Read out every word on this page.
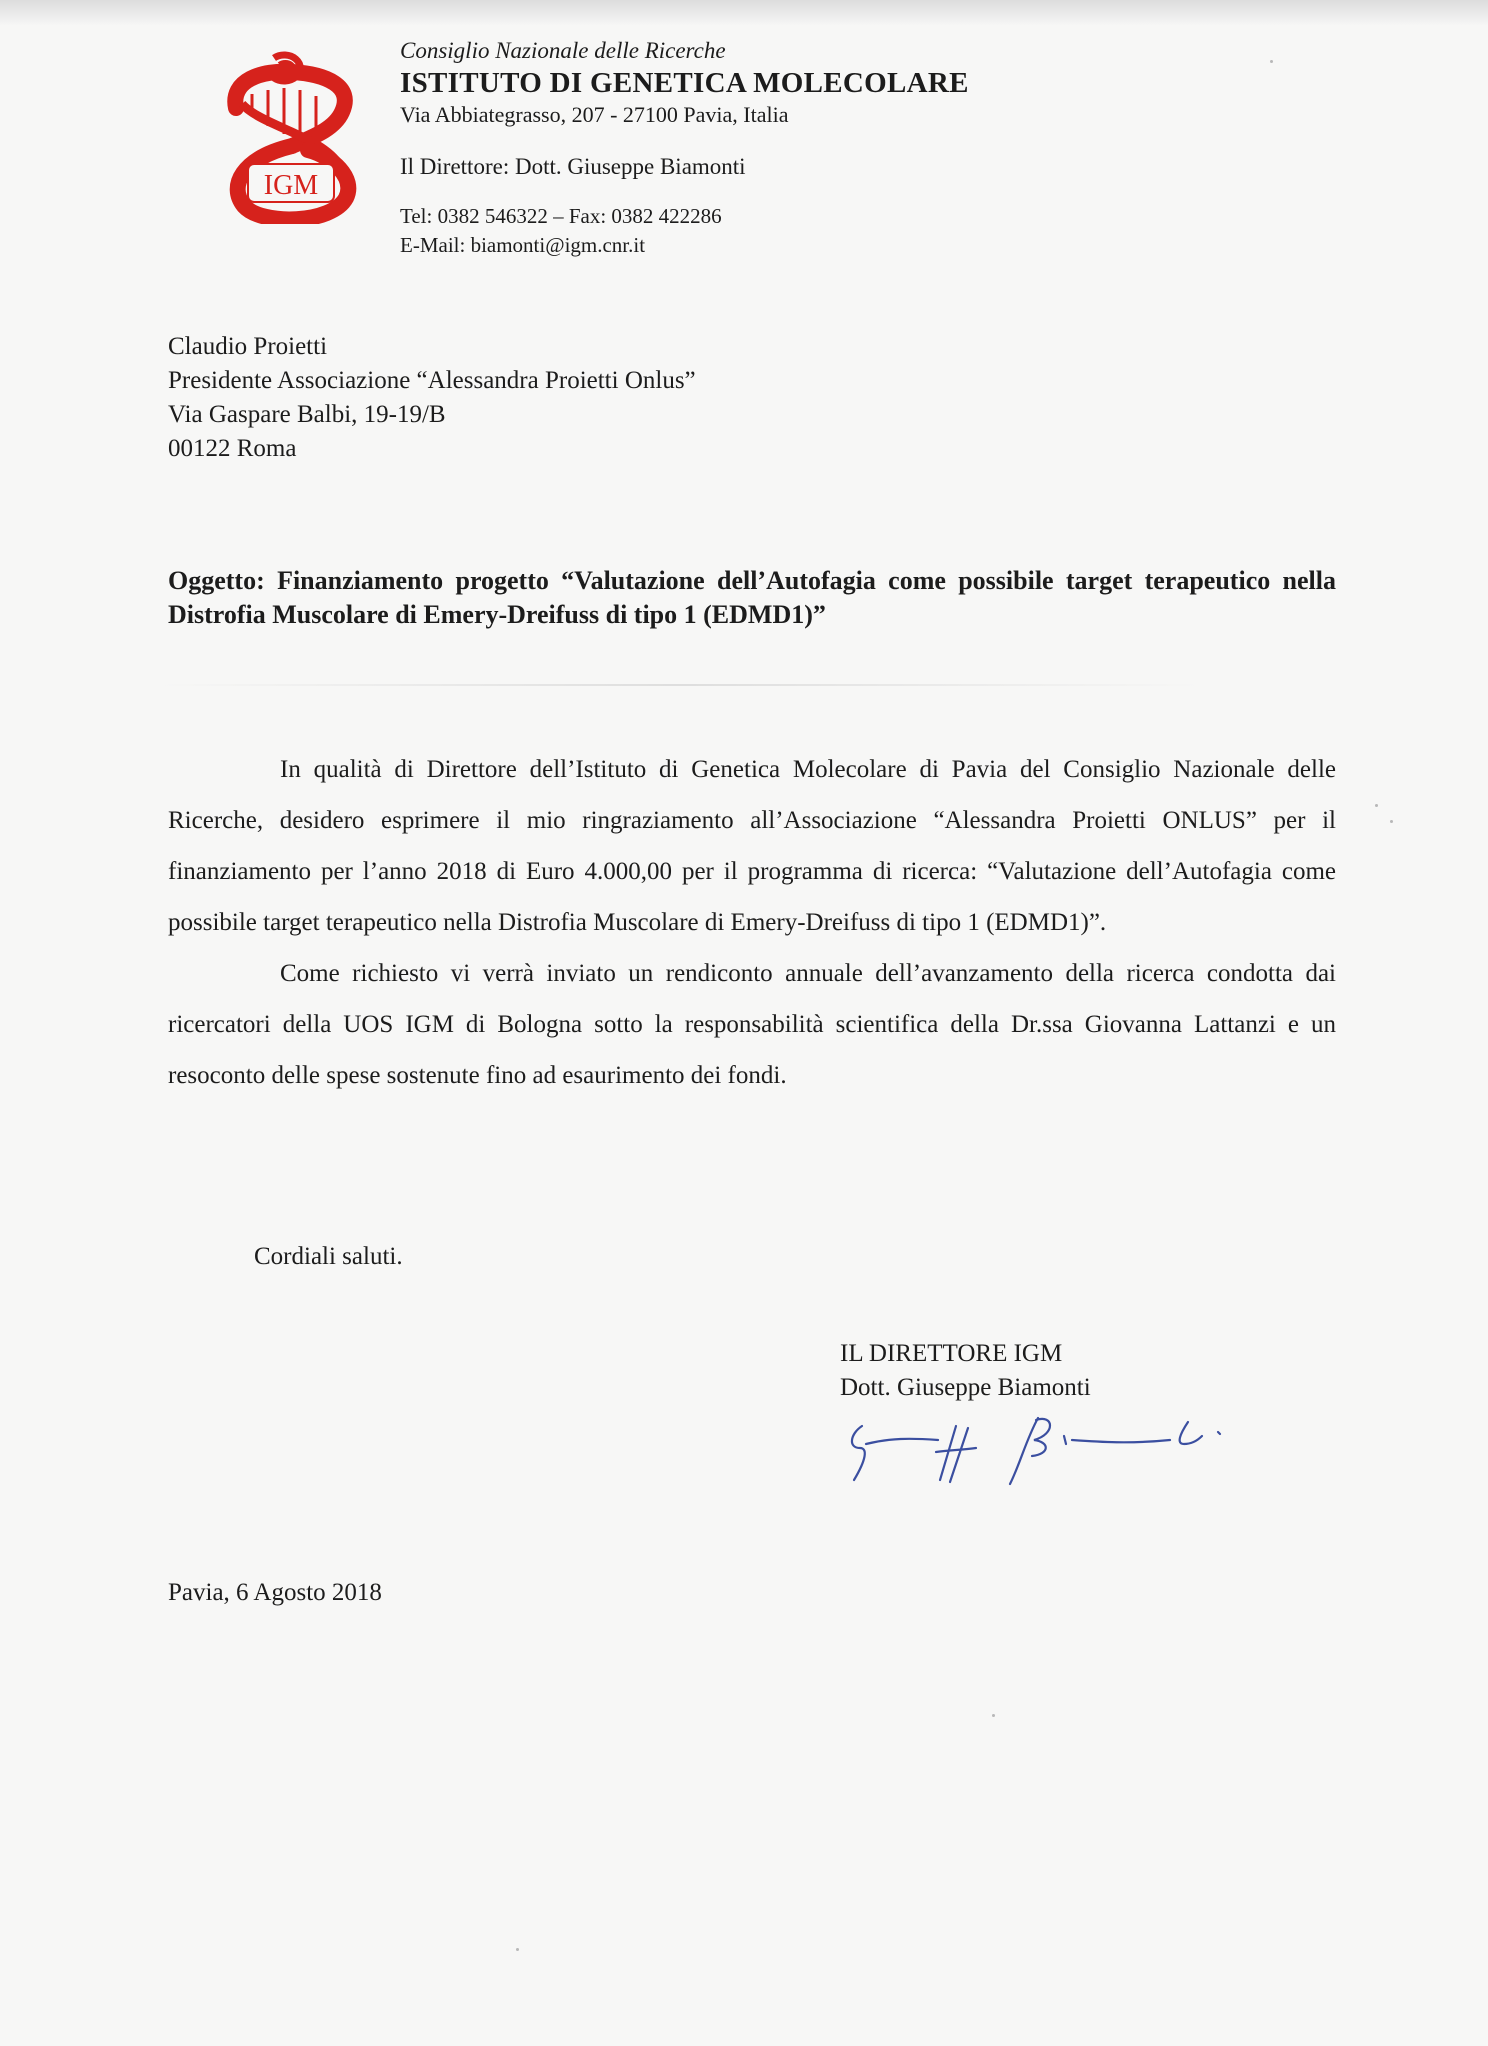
IGM
Consiglio Nazionale delle Ricerche
ISTITUTO DI GENETICA MOLECOLARE
Via Abbiategrasso, 207 - 27100 Pavia, Italia
Il Direttore: Dott. Giuseppe Biamonti
Tel: 0382 546322 – Fax: 0382 422286
E-Mail: biamonti@igm.cnr.it
Claudio Proietti
Presidente Associazione “Alessandra Proietti Onlus”
Via Gaspare Balbi, 19-19/B
00122 Roma
Oggetto: Finanziamento progetto “Valutazione dell’Autofagia come possibile target terapeutico nella Distrofia Muscolare di Emery-Dreifuss di tipo 1 (EDMD1)”

In qualità di Direttore dell’Istituto di Genetica Molecolare di Pavia del Consiglio Nazionale delle Ricerche, desidero esprimere il mio ringraziamento all’Associazione “Alessandra Proietti ONLUS” per il finanziamento per l’anno 2018 di Euro 4.000,00 per il programma di ricerca: “Valutazione dell’Autofagia come possibile target terapeutico nella Distrofia Muscolare di Emery-Dreifuss di tipo 1 (EDMD1)”.

Come richiesto vi verrà inviato un rendiconto annuale dell’avanzamento della ricerca condotta dai ricercatori della UOS IGM di Bologna sotto la responsabilità scientifica della Dr.ssa Giovanna Lattanzi e un resoconto delle spese sostenute fino ad esaurimento dei fondi.

Cordiali saluti.
IL DIRETTORE IGM
Dott. Giuseppe Biamonti
Pavia, 6 Agosto 2018
